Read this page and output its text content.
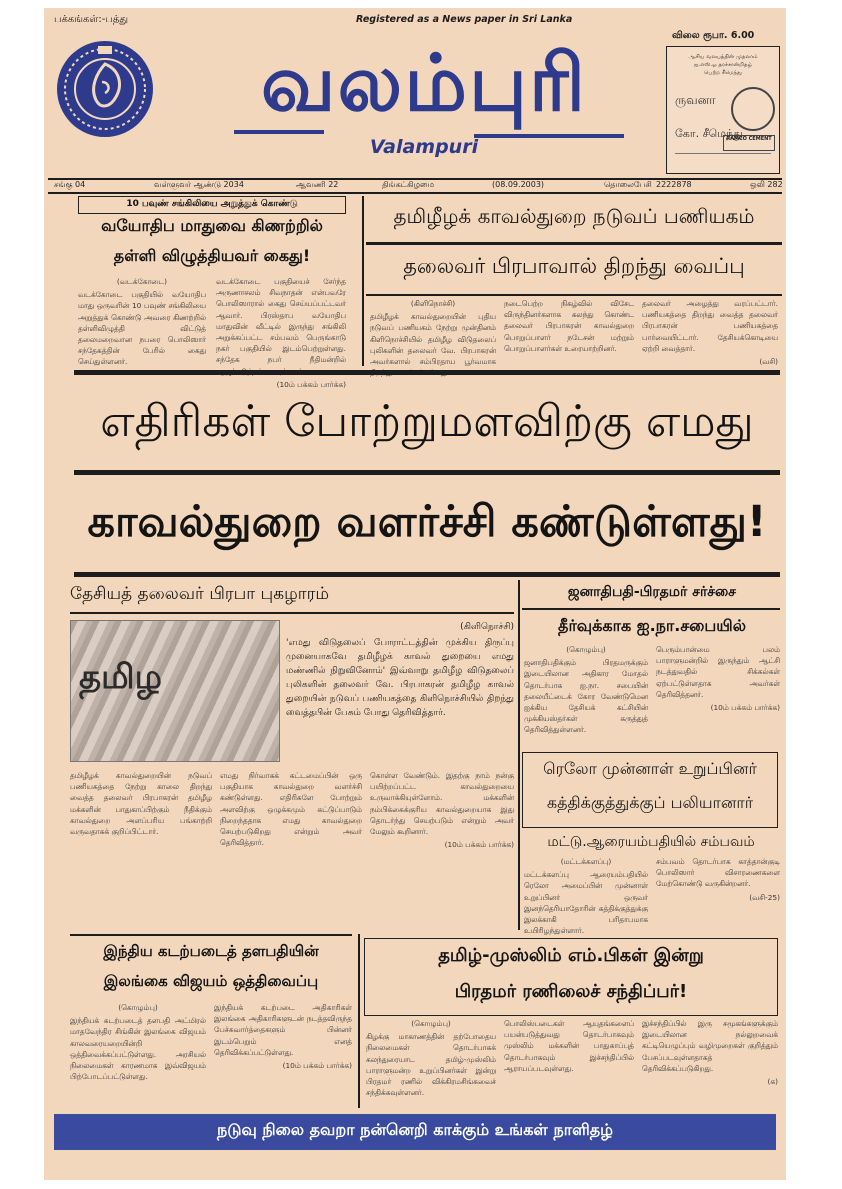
பக்கங்கள்:-பத்து	Registered as a News paper in Sri Lanka
விலை ரூபா. 6.00
வலம்புரி
Valampuri
ஆசிய வலயத்தின் முதலாம்
ஐ.எஸ்.ஓ தரச்சான்றிதழ்
பெற்ற சீமெந்து
ருவனா
கோ. சீமெந்து
RAMCO CEMENT
சங்கு 04	வள்ளுவர் ஆண்டு 2034	ஆவணி 22	திங்கட்கிழமை	(08.09.2003)	தொலைபேசி 2222878	ஒலி 282
10 பவுண் சங்கிலியை அறுத்துக் கொண்டு
வயோதிப மாதுவை கிணற்றில்
தள்ளி விழுத்தியவர் கைது!

(வடக்கோடை)

வடக்கோடை பகுதியில் வயோதிப மாது ஒருவரின் 10 பவுண் சங்கிலியை அறுத்துக் கொண்டு அவரை கிணற்றில் தள்ளிவிழுத்தி விட்டுத் தலைமறைவான நபரை பொலிஸார் சந்தேகத்தின் பேரில் கைது செய்துள்ளனர்.

வடக்கோடை பகுதியைச் சேர்ந்த அருணாசலம் சிவநாதன் என்பவரே பொலிஸாரால் கைது செய்யப்பட்டவர் ஆவார். பிரஸ்தாப வயோதிப மாதுவின் வீட்டில் இருந்து சங்கிலி அறுக்கப்பட்ட சம்பவம் பெருங்காடு நகர் பகுதியில் இடம்பெற்றுள்ளது. சந்தேக நபர் நீதிமன்றில்

(10ம் பக்கம் பார்க்க)

தமிழீழக் காவல்துறை நடுவப் பணியகம்
தலைவர் பிரபாவால் திறந்து வைப்பு

(கிளிநொச்சி)

தமிழீழக் காவல்துறையின் புதிய நடுவப் பணியகம் நேற்று முன்தினம் கிளிநொச்சியில் தமிழீழ விடுதலைப் புலிகளின் தலைவர் வே. பிரபாகரன் அவர்களால் சம்பிரதாய பூர்வமாக

நடைபெற்ற நிகழ்வில் விசேட விருந்தினர்களாக கலந்து கொண்ட தலைவர் பிரபாகரன் காவல்துறை பொறுப்பாளர் நடேசன் மற்றும் பொறுப்பாளர்கள் உரையாற்றினர்.

தலைவர் அழைத்து வரப்பட்டார். பணியகத்தை திறந்து வைத்த தலைவர் பிரபாகரன் பணியகத்தை பார்வையிட்டார். தேசியக்கொடியை ஏற்றி வைத்தார்.

(வசி)

எதிரிகள் போற்றுமளவிற்கு எமது
காவல்துறை வளர்ச்சி கண்டுள்ளது!
தேசியத் தலைவர் பிரபா புகழாரம்
தமிழ

(கிளிநொச்சி)

'எமது விடுதலைப் போராட்டத்தின் முக்கிய திருப்பு முனையாகவே தமிழீழக் காவல் துறையை எமது மண்ணில் நிறுவினோம்' இவ்வாறு தமிழீழ விடுதலைப் புலிகளின் தலைவர் வே. பிரபாகரன் தமிழீழ காவல் துறையின் நடுவப் பணியகத்தை கிளிநொச்சியில் திறந்து வைத்தபின் பேசும் போது தெரிவித்தார்.

தமிழீழக் காவல்துறையின் நடுவப் பணியகத்தை நேற்று காலை திறந்து வைத்த தலைவர் பிரபாகரன் தமிழீழ மக்களின் பாதுகாப்பிற்கும் நீதிக்கும் காவல்துறை அளப்பரிய பங்காற்றி வருவதாகக் குறிப்பிட்டார்.

எமது நிர்வாகக் கட்டமைப்பின் ஒரு பகுதியாக காவல்துறை வளர்ச்சி கண்டுள்ளது. எதிரிகளே போற்றும் அளவிற்கு ஒழுக்கமும் கட்டுப்பாடும் நிறைந்ததாக எமது காவல்துறை செயற்படுகிறது என்றும் அவர் தெரிவித்தார்.

கொள்ள வேண்டும். இதற்கு நாம் நன்கு பயிற்றப்பட்ட காவல்துறையை உருவாக்கியுள்ளோம். மக்களின் நம்பிக்கைக்குரிய காவல்துறையாக இது தொடர்ந்து செயற்படும் என்றும் அவர் மேலும் கூறினார்.

(10ம் பக்கம் பார்க்க)

ஜனாதிபதி-பிரதமர் சர்ச்சை
தீர்வுக்காக ஐ.நா.சபையில்

(கொழும்பு)

ஜனாதிபதிக்கும் பிரதமருக்கும் இடையிலான அதிகார மோதல் தொடர்பாக ஐ.நா. சபையின் தலையீட்டைக் கோர வேண்டுமென ஐக்கிய தேசியக் கட்சியின் முக்கியஸ்தர்கள் கருத்துத் தெரிவித்துள்ளனர்.

பெரும்பான்மை பலம் பாராளுமன்றில் இருந்தும் ஆட்சி நடத்துவதில் சிக்கல்கள் ஏற்பட்டுள்ளதாக அவர்கள் தெரிவித்தனர்.

(10ம் பக்கம் பார்க்க)

ரெலோ முன்னாள் உறுப்பினர்
கத்திக்குத்துக்குப் பலியானார்
மட்டு.ஆரையம்பதியில் சம்பவம்

(மட்டக்களப்பு)

மட்டக்களப்பு ஆரையம்பதியில் ரெலோ அமைப்பின் முன்னாள் உறுப்பினர் ஒருவர் இனந்தெரியாதோரின் கத்திக்குத்துக்கு இலக்காகி பரிதாபமாக உயிரிழந்துள்ளார்.

சம்பவம் தொடர்பாக காத்தான்குடி பொலிஸார் விசாரணைகளை மேற்கொண்டு வருகின்றனர்.

(வசி-25)

இந்திய கடற்படைத் தளபதியின்
இலங்கை விஜயம் ஒத்திவைப்பு

(கொழும்பு)

இந்தியக் கடற்படைத் தளபதி அட்மிரல் மாதவேந்திர சிங்கின் இலங்கை விஜயம் காலவரையறையின்றி ஒத்திவைக்கப்பட்டுள்ளது. அரசியல் நிலைமைகள் காரணமாக இவ்விஜயம் பிற்போடப்பட்டுள்ளது.

இந்தியக் கடற்படை அதிகாரிகள் இலங்கை அதிகாரிகளுடன் நடத்தவிருந்த பேச்சுவார்த்தைகளும் பின்னர் இடம்பெறும் எனத் தெரிவிக்கப்பட்டுள்ளது.

(10ம் பக்கம் பார்க்க)

தமிழ்-முஸ்லிம் எம்.பிகள் இன்று
பிரதமர் ரணிலைச் சந்திப்பர்!

(கொழும்பு)

கிழக்கு மாகாணத்தின் தற்போதைய நிலைமைகள் தொடர்பாகக் கலந்துரையாட தமிழ்-முஸ்லிம் பாராளுமன்ற உறுப்பினர்கள் இன்று பிரதமர் ரணில் விக்கிரமசிங்கவைச் சந்திக்கவுள்ளனர்.

பொலிஸ்படைகள் ஆயுதங்களைப் பயன்படுத்துவது தொடர்பாகவும் முஸ்லிம் மக்களின் பாதுகாப்புத் தொடர்பாகவும் இச்சந்திப்பில் ஆராயப்படவுள்ளது.

இச்சந்திப்பில் இரு சமூகங்களுக்கும் இடையிலான நல்லுறவைக் கட்டியெழுப்பும் வழிமுறைகள் குறித்தும் பேசப்படவுள்ளதாகத் தெரிவிக்கப்படுகிறது.

(க)

நடுவு நிலை தவறா நன்னெறி காக்கும் உங்கள் நாளிதழ்
